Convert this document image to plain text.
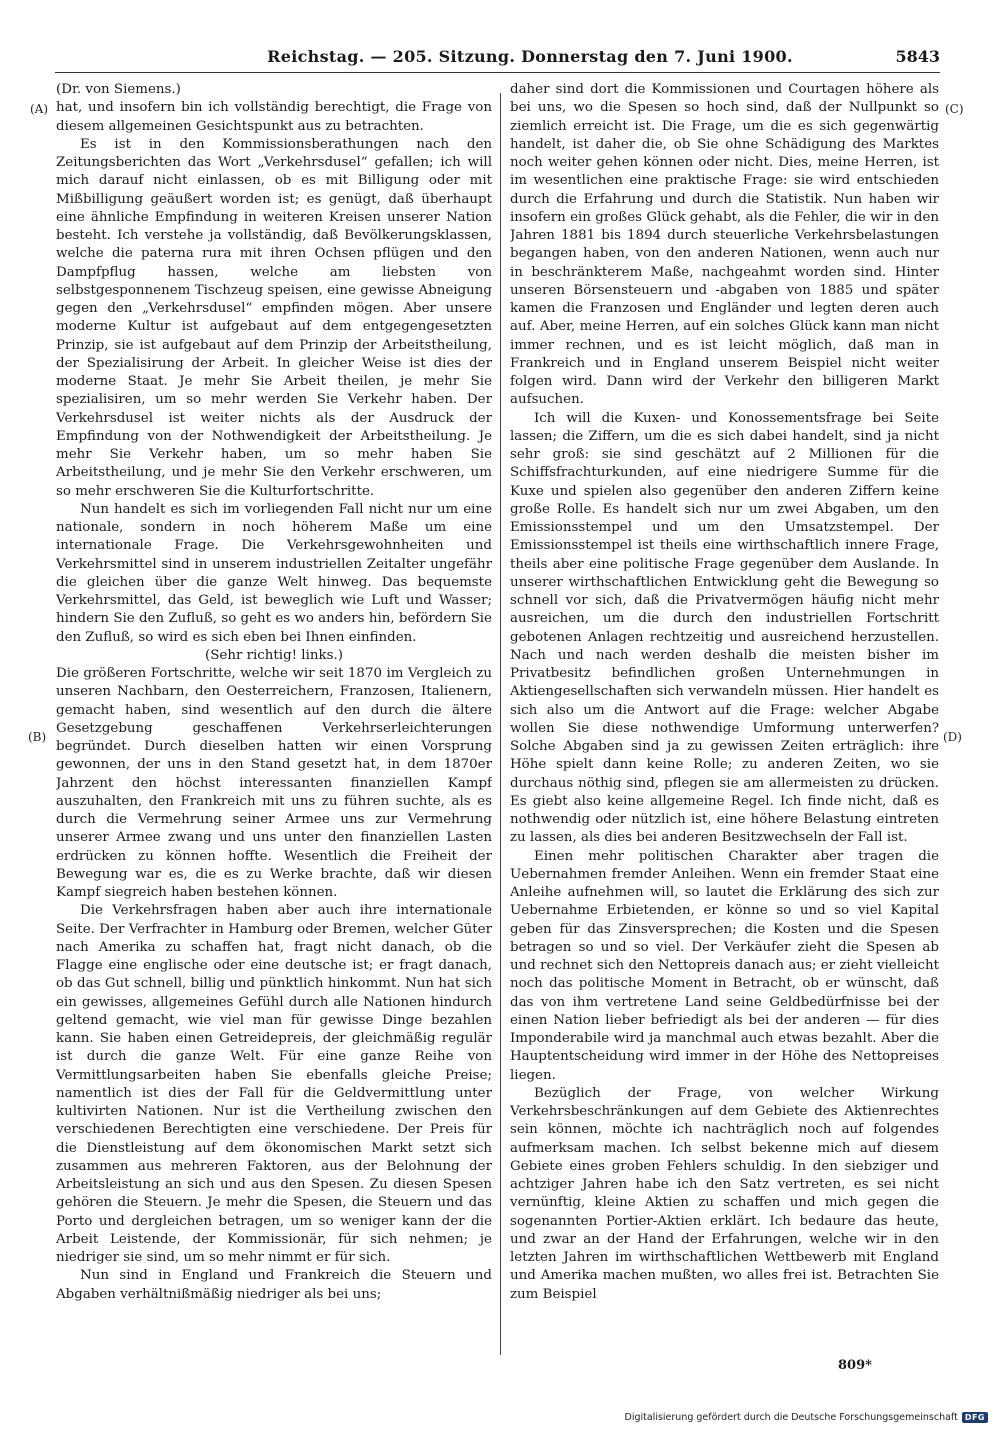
Reichstag. — 205. Sitzung. Donnerstag den 7. Juni 1900.	5843
(A)
(B)
(C)
(D)

(Dr. von Siemens.)

hat, und insofern bin ich vollständig berechtigt, die Frage von diesem allgemeinen Gesichtspunkt aus zu betrachten.

Es ist in den Kommissionsberathungen nach den Zeitungsberichten das Wort „Verkehrsdusel“ gefallen; ich will mich darauf nicht einlassen, ob es mit Billigung oder mit Mißbilligung geäußert worden ist; es genügt, daß überhaupt eine ähnliche Empfindung in weiteren Kreisen unserer Nation besteht. Ich verstehe ja vollständig, daß Bevölkerungsklassen, welche die paterna rura mit ihren Ochsen pflügen und den Dampfpflug hassen, welche am liebsten von selbstgesponnenem Tischzeug speisen, eine gewisse Abneigung gegen den „Verkehrsdusel“ empfinden mögen. Aber unsere moderne Kultur ist aufgebaut auf dem entgegengesetzten Prinzip, sie ist aufgebaut auf dem Prinzip der Arbeitstheilung, der Spezialisirung der Arbeit. In gleicher Weise ist dies der moderne Staat. Je mehr Sie Arbeit theilen, je mehr Sie spezialisiren, um so mehr werden Sie Verkehr haben. Der Verkehrsdusel ist weiter nichts als der Ausdruck der Empfindung von der Nothwendigkeit der Arbeitstheilung. Je mehr Sie Verkehr haben, um so mehr haben Sie Arbeitstheilung, und je mehr Sie den Verkehr erschweren, um so mehr erschweren Sie die Kulturfortschritte.

Nun handelt es sich im vorliegenden Fall nicht nur um eine nationale, sondern in noch höherem Maße um eine internationale Frage. Die Verkehrsgewohnheiten und Verkehrsmittel sind in unserem industriellen Zeitalter ungefähr die gleichen über die ganze Welt hinweg. Das bequemste Verkehrsmittel, das Geld, ist beweglich wie Luft und Wasser; hindern Sie den Zufluß, so geht es wo anders hin, befördern Sie den Zufluß, so wird es sich eben bei Ihnen einfinden.

(Sehr richtig! links.)

Die größeren Fortschritte, welche wir seit 1870 im Vergleich zu unseren Nachbarn, den Oesterreichern, Franzosen, Italienern, gemacht haben, sind wesentlich auf den durch die ältere Gesetzgebung geschaffenen Verkehrserleichterungen begründet. Durch dieselben hatten wir einen Vorsprung gewonnen, der uns in den Stand gesetzt hat, in dem 1870er Jahrzent den höchst interessanten finanziellen Kampf auszuhalten, den Frankreich mit uns zu führen suchte, als es durch die Vermehrung seiner Armee uns zur Vermehrung unserer Armee zwang und uns unter den finanziellen Lasten erdrücken zu können hoffte. Wesentlich die Freiheit der Bewegung war es, die es zu Werke brachte, daß wir diesen Kampf siegreich haben bestehen können.

Die Verkehrsfragen haben aber auch ihre internationale Seite. Der Verfrachter in Hamburg oder Bremen, welcher Güter nach Amerika zu schaffen hat, fragt nicht danach, ob die Flagge eine englische oder eine deutsche ist; er fragt danach, ob das Gut schnell, billig und pünktlich hinkommt. Nun hat sich ein gewisses, allgemeines Gefühl durch alle Nationen hindurch geltend gemacht, wie viel man für gewisse Dinge bezahlen kann. Sie haben einen Getreidepreis, der gleichmäßig regulär ist durch die ganze Welt. Für eine ganze Reihe von Vermittlungsarbeiten haben Sie ebenfalls gleiche Preise; namentlich ist dies der Fall für die Geldvermittlung unter kultivirten Nationen. Nur ist die Vertheilung zwischen den verschiedenen Berechtigten eine verschiedene. Der Preis für die Dienstleistung auf dem ökonomischen Markt setzt sich zusammen aus mehreren Faktoren, aus der Belohnung der Arbeitsleistung an sich und aus den Spesen. Zu diesen Spesen gehören die Steuern. Je mehr die Spesen, die Steuern und das Porto und dergleichen betragen, um so weniger kann der die Arbeit Leistende, der Kommissionär, für sich nehmen; je niedriger sie sind, um so mehr nimmt er für sich.

Nun sind in England und Frankreich die Steuern und Abgaben verhältnißmäßig niedriger als bei uns;

daher sind dort die Kommissionen und Courtagen höhere als bei uns, wo die Spesen so hoch sind, daß der Nullpunkt so ziemlich erreicht ist. Die Frage, um die es sich gegenwärtig handelt, ist daher die, ob Sie ohne Schädigung des Marktes noch weiter gehen können oder nicht. Dies, meine Herren, ist im wesentlichen eine praktische Frage: sie wird entschieden durch die Erfahrung und durch die Statistik. Nun haben wir insofern ein großes Glück gehabt, als die Fehler, die wir in den Jahren 1881 bis 1894 durch steuerliche Verkehrsbelastungen begangen haben, von den anderen Nationen, wenn auch nur in beschränkterem Maße, nachgeahmt worden sind. Hinter unseren Börsensteuern und -abgaben von 1885 und später kamen die Franzosen und Engländer und legten deren auch auf. Aber, meine Herren, auf ein solches Glück kann man nicht immer rechnen, und es ist leicht möglich, daß man in Frankreich und in England unserem Beispiel nicht weiter folgen wird. Dann wird der Verkehr den billigeren Markt aufsuchen.

Ich will die Kuxen- und Konossementsfrage bei Seite lassen; die Ziffern, um die es sich dabei handelt, sind ja nicht sehr groß: sie sind geschätzt auf 2 Millionen für die Schiffsfrachturkunden, auf eine niedrigere Summe für die Kuxe und spielen also gegenüber den anderen Ziffern keine große Rolle. Es handelt sich nur um zwei Abgaben, um den Emissionsstempel und um den Umsatzstempel. Der Emissionsstempel ist theils eine wirthschaftlich innere Frage, theils aber eine politische Frage gegenüber dem Auslande. In unserer wirthschaftlichen Entwicklung geht die Bewegung so schnell vor sich, daß die Privatvermögen häufig nicht mehr ausreichen, um die durch den industriellen Fortschritt gebotenen Anlagen rechtzeitig und ausreichend herzustellen. Nach und nach werden deshalb die meisten bisher im Privatbesitz befindlichen großen Unternehmungen in Aktiengesellschaften sich verwandeln müssen. Hier handelt es sich also um die Antwort auf die Frage: welcher Abgabe wollen Sie diese nothwendige Umformung unterwerfen? Solche Abgaben sind ja zu gewissen Zeiten erträglich: ihre Höhe spielt dann keine Rolle; zu anderen Zeiten, wo sie durchaus nöthig sind, pflegen sie am allermeisten zu drücken. Es giebt also keine allgemeine Regel. Ich finde nicht, daß es nothwendig oder nützlich ist, eine höhere Belastung eintreten zu lassen, als dies bei anderen Besitzwechseln der Fall ist.

Einen mehr politischen Charakter aber tragen die Uebernahmen fremder Anleihen. Wenn ein fremder Staat eine Anleihe aufnehmen will, so lautet die Erklärung des sich zur Uebernahme Erbietenden, er könne so und so viel Kapital geben für das Zinsversprechen; die Kosten und die Spesen betragen so und so viel. Der Verkäufer zieht die Spesen ab und rechnet sich den Nettopreis danach aus; er zieht vielleicht noch das politische Moment in Betracht, ob er wünscht, daß das von ihm vertretene Land seine Geldbedürfnisse bei der einen Nation lieber befriedigt als bei der anderen — für dies Imponderabile wird ja manchmal auch etwas bezahlt. Aber die Hauptentscheidung wird immer in der Höhe des Nettopreises liegen.

Bezüglich der Frage, von welcher Wirkung Verkehrsbeschränkungen auf dem Gebiete des Aktienrechtes sein können, möchte ich nachträglich noch auf folgendes aufmerksam machen. Ich selbst bekenne mich auf diesem Gebiete eines groben Fehlers schuldig. In den siebziger und achtziger Jahren habe ich den Satz vertreten, es sei nicht vernünftig, kleine Aktien zu schaffen und mich gegen die sogenannten Portier-Aktien erklärt. Ich bedaure das heute, und zwar an der Hand der Erfahrungen, welche wir in den letzten Jahren im wirthschaftlichen Wettbewerb mit England und Amerika machen mußten, wo alles frei ist. Betrachten Sie zum Beispiel

809*
Digitalisierung gefördert durch die Deutsche Forschungsgemeinschaft DFG
